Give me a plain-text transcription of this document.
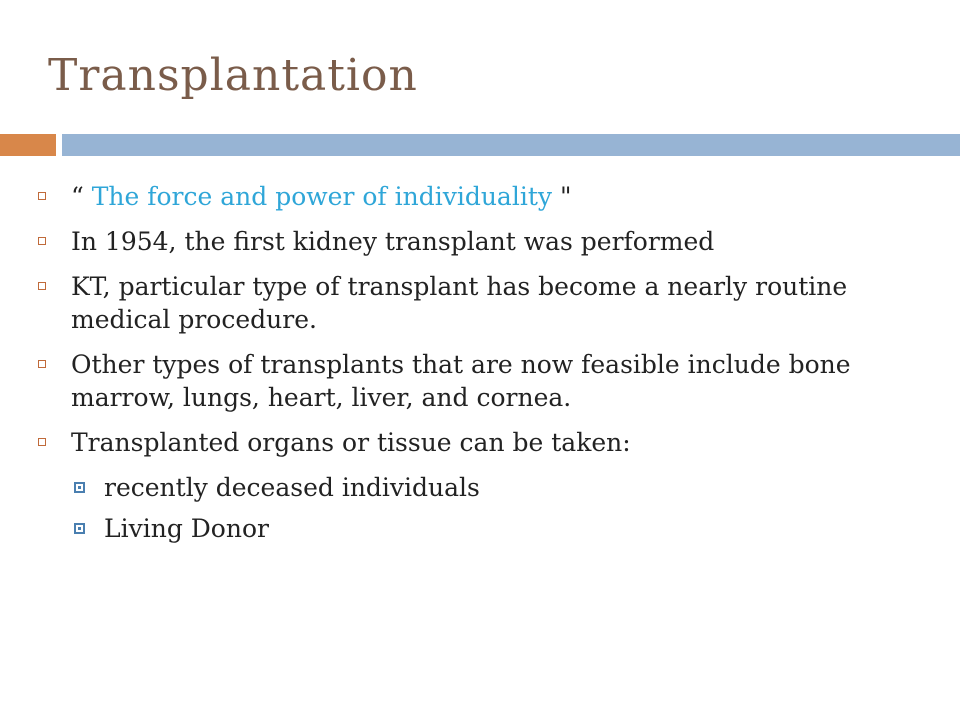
Transplantation
“ The force and power of individuality "
In 1954, the first kidney transplant was performed
KT, particular type of transplant has become a nearly routine medical procedure.
Other types of transplants that are now feasible include bone marrow, lungs, heart, liver, and cornea.
Transplanted organs or tissue can be taken:
recently deceased individuals
Living Donor
